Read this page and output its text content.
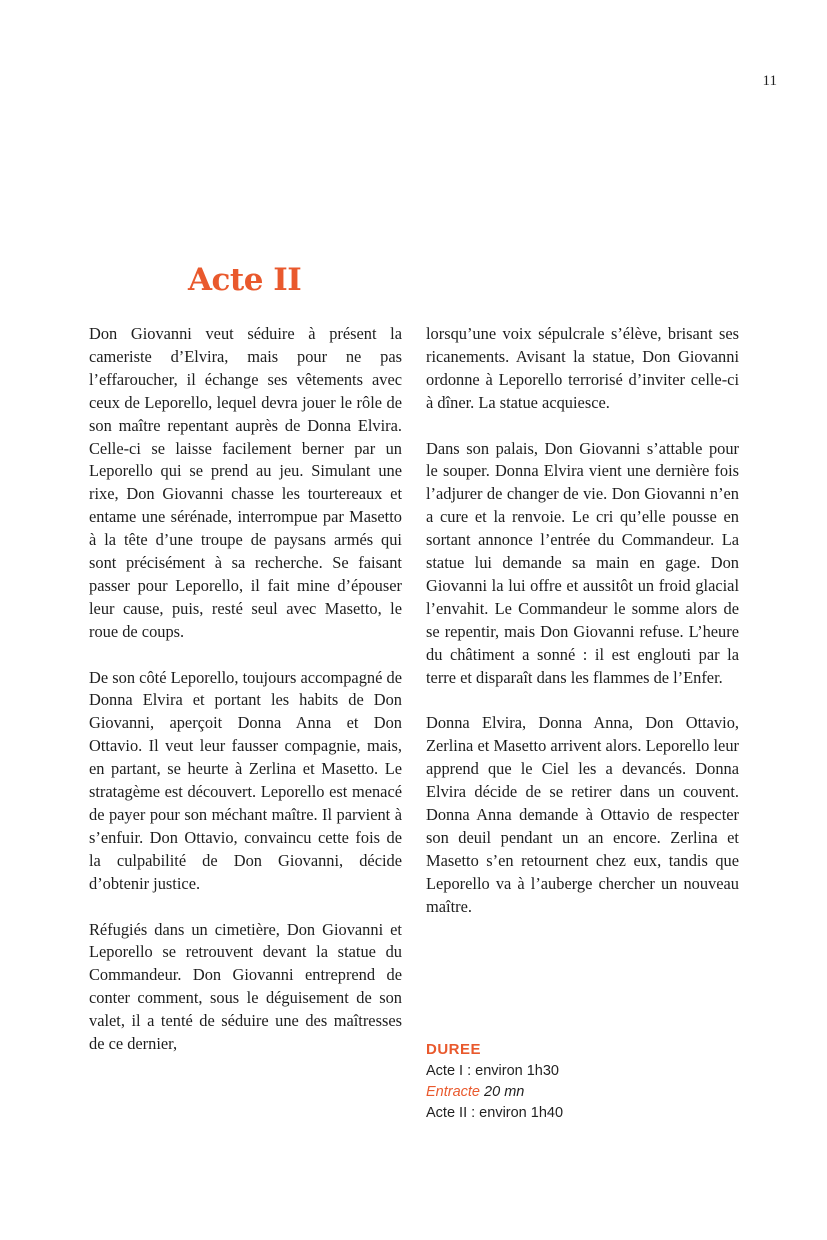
11
Acte II

Don Giovanni veut séduire à présent la cameriste d’Elvira, mais pour ne pas l’effaroucher, il échange ses vêtements avec ceux de Leporello, lequel devra jouer le rôle de son maître repentant auprès de Donna Elvira. Celle-ci se laisse facilement berner par un Leporello qui se prend au jeu. Simulant une rixe, Don Giovanni chasse les tourtereaux et entame une sérénade, interrompue par Masetto à la tête d’une troupe de paysans armés qui sont précisément à sa recherche. Se faisant passer pour Leporello, il fait mine d’épouser leur cause, puis, resté seul avec Masetto, le roue de coups.

De son côté Leporello, toujours accompagné de Donna Elvira et portant les habits de Don Giovanni, aperçoit Donna Anna et Don Ottavio. Il veut leur fausser compagnie, mais, en partant, se heurte à Zerlina et Masetto. Le stratagème est découvert. Leporello est menacé de payer pour son méchant maître. Il parvient à s’enfuir. Don Ottavio, convaincu cette fois de la culpabilité de Don Giovanni, décide d’obtenir justice.

Réfugiés dans un cimetière, Don Giovanni et Leporello se retrouvent devant la statue du Commandeur. Don Giovanni entreprend de conter comment, sous le déguisement de son valet, il a tenté de séduire une des maîtresses de ce dernier,

lorsqu’une voix sépulcrale s’élève, brisant ses ricanements. Avisant la statue, Don Giovanni ordonne à Leporello terrorisé d’inviter celle-ci à dîner. La statue acquiesce.

Dans son palais, Don Giovanni s’attable pour le souper. Donna Elvira vient une dernière fois l’adjurer de changer de vie. Don Giovanni n’en a cure et la renvoie. Le cri qu’elle pousse en sortant annonce l’entrée du Commandeur. La statue lui demande sa main en gage. Don Giovanni la lui offre et aussitôt un froid glacial l’envahit. Le Commandeur le somme alors de se repentir, mais Don Giovanni refuse. L’heure du châtiment a sonné : il est englouti par la terre et disparaît dans les flammes de l’Enfer.

Donna Elvira, Donna Anna, Don Ottavio, Zerlina et Masetto arrivent alors. Leporello leur apprend que le Ciel les a devancés. Donna Elvira décide de se retirer dans un couvent. Donna Anna demande à Ottavio de respecter son deuil pendant un an encore. Zerlina et Masetto s’en retournent chez eux, tandis que Leporello va à l’auberge chercher un nouveau maître.

DUREE
Acte I : environ 1h30
Entracte 20 mn
Acte II : environ 1h40
